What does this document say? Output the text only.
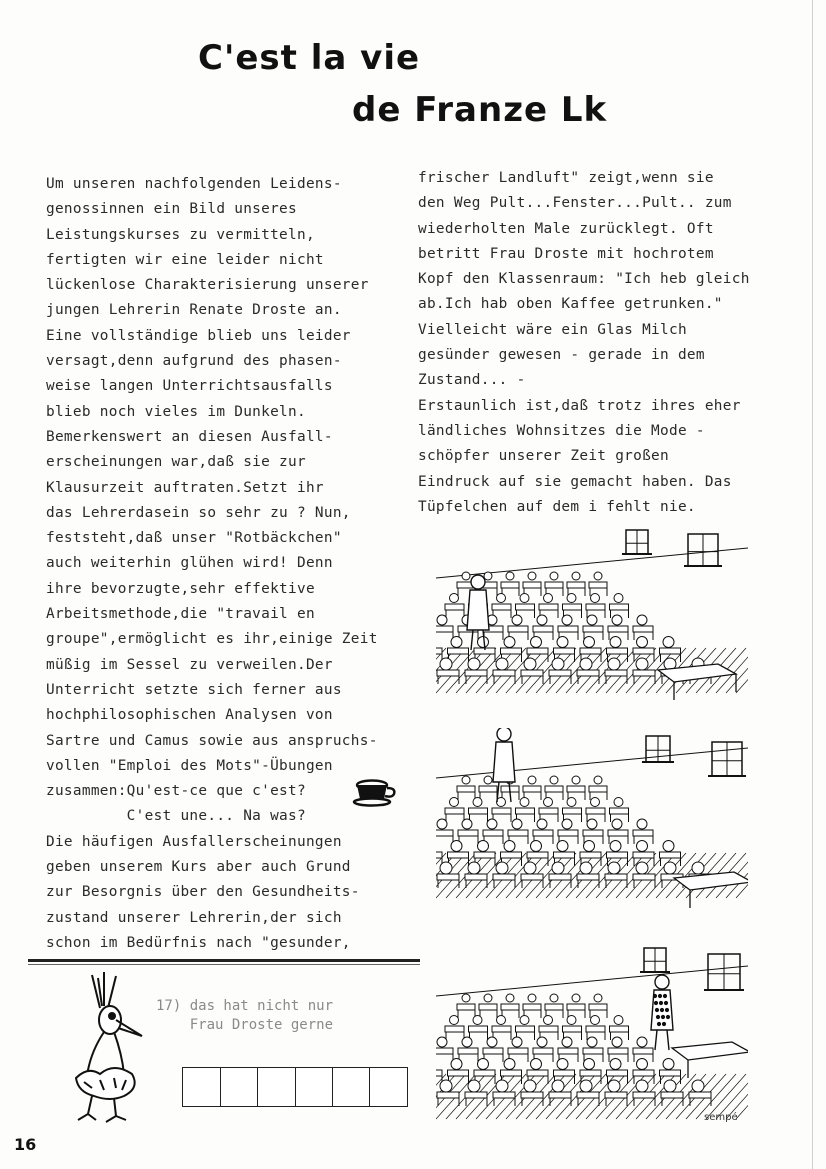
C'est la vie
de Franze Lk
Um unseren nachfolgenden Leidens-
genossinnen ein Bild unseres
Leistungskurses zu vermitteln,
fertigten wir eine leider nicht
lückenlose Charakterisierung unserer
jungen Lehrerin Renate Droste an.
Eine vollständige blieb uns leider
versagt,denn aufgrund des phasen-
weise langen Unterrichtsausfalls
blieb noch vieles im Dunkeln.
Bemerkenswert an diesen Ausfall-
erscheinungen war,daß sie zur
Klausurzeit auftraten.Setzt ihr
das Lehrerdasein so sehr zu ? Nun,
feststeht,daß unser "Rotbäckchen"
auch weiterhin glühen wird! Denn
ihre bevorzugte,sehr effektive
Arbeitsmethode,die "travail en
groupe",ermöglicht es ihr,einige Zeit
müßig im Sessel zu verweilen.Der
Unterricht setzte sich ferner aus
hochphilosophischen Analysen von
Sartre und Camus sowie aus anspruchs-
vollen "Emploi des Mots"-Übungen
zusammen:Qu'est-ce que c'est?
C'est une... Na was?
Die häufigen Ausfallerscheinungen
geben unserem Kurs aber auch Grund
zur Besorgnis über den Gesundheits-
zustand unserer Lehrerin,der sich
schon im Bedürfnis nach "gesunder,
frischer Landluft" zeigt,wenn sie
den Weg Pult...Fenster...Pult.. zum
wiederholten Male zurücklegt. Oft
betritt Frau Droste mit hochrotem
Kopf den Klassenraum: "Ich heb gleich
ab.Ich hab oben Kaffee getrunken."
Vielleicht wäre ein Glas Milch
gesünder gewesen - gerade in dem
Zustand... -
Erstaunlich ist,daß trotz ihres eher
ländliches Wohnsitzes die Mode -
schöpfer unserer Zeit großen
Eindruck auf sie gemacht haben. Das
Tüpfelchen auf dem i fehlt nie.
17) das hat nicht nur
Frau Droste gerne
sempé
16
